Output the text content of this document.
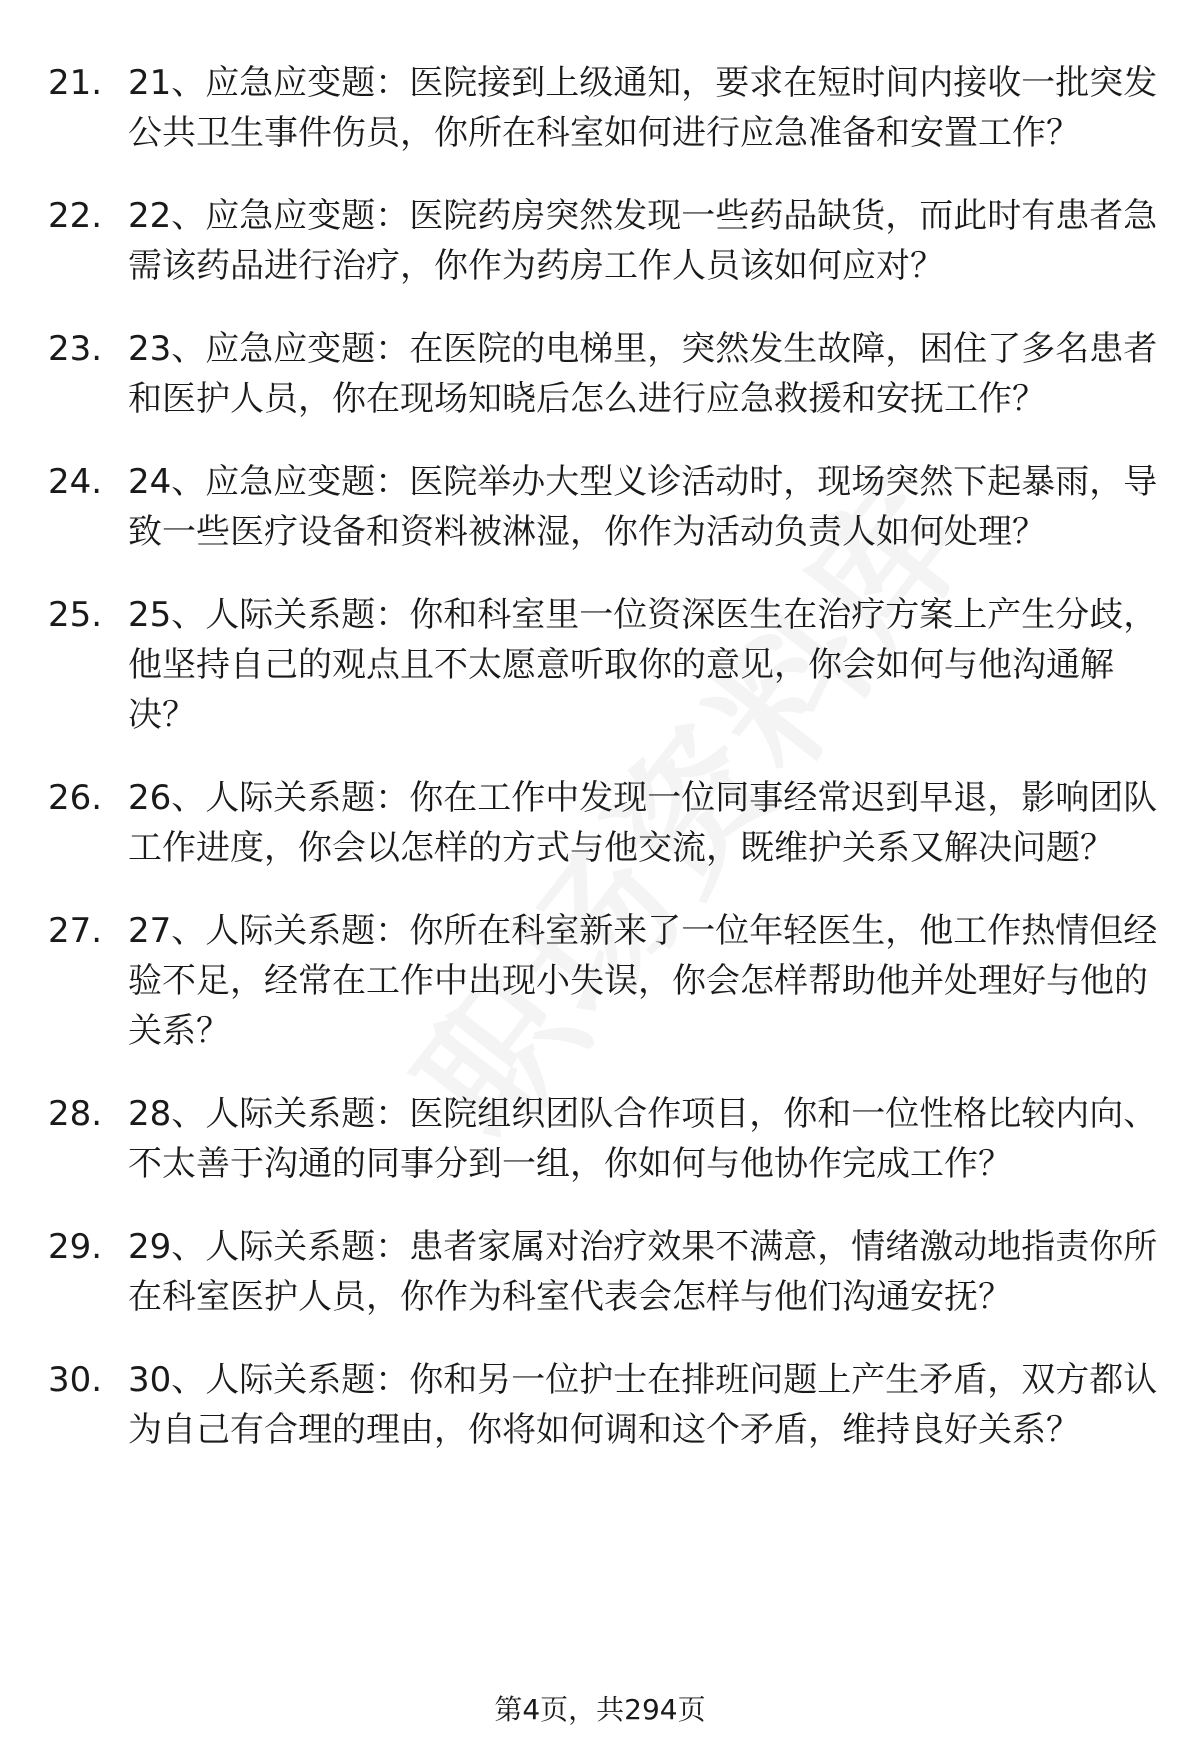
21. 21、应急应变题：医院接到上级通知，要求在短时间内接收一批突发公共卫生事件伤员，你所在科室如何进行应急准备和安置工作？
22. 22、应急应变题：医院药房突然发现一些药品缺货，而此时有患者急需该药品进行治疗，你作为药房工作人员该如何应对？
23. 23、应急应变题：在医院的电梯里，突然发生故障，困住了多名患者和医护人员，你在现场知晓后怎么进行应急救援和安抚工作？
24. 24、应急应变题：医院举办大型义诊活动时，现场突然下起暴雨，导致一些医疗设备和资料被淋湿，你作为活动负责人如何处理？
25. 25、人际关系题：你和科室里一位资深医生在治疗方案上产生分歧，他坚持自己的观点且不太愿意听取你的意见，你会如何与他沟通解决？
26. 26、人际关系题：你在工作中发现一位同事经常迟到早退，影响团队工作进度，你会以怎样的方式与他交流，既维护关系又解决问题？
27. 27、人际关系题：你所在科室新来了一位年轻医生，他工作热情但经验不足，经常在工作中出现小失误，你会怎样帮助他并处理好与他的关系？
28. 28、人际关系题：医院组织团队合作项目，你和一位性格比较内向、不太善于沟通的同事分到一组，你如何与他协作完成工作？
29. 29、人际关系题：患者家属对治疗效果不满意，情绪激动地指责你所在科室医护人员，你作为科室代表会怎样与他们沟通安抚？
30. 30、人际关系题：你和另一位护士在排班问题上产生矛盾，双方都认为自己有合理的理由，你将如何调和这个矛盾，维持良好关系？
第4页，共294页
